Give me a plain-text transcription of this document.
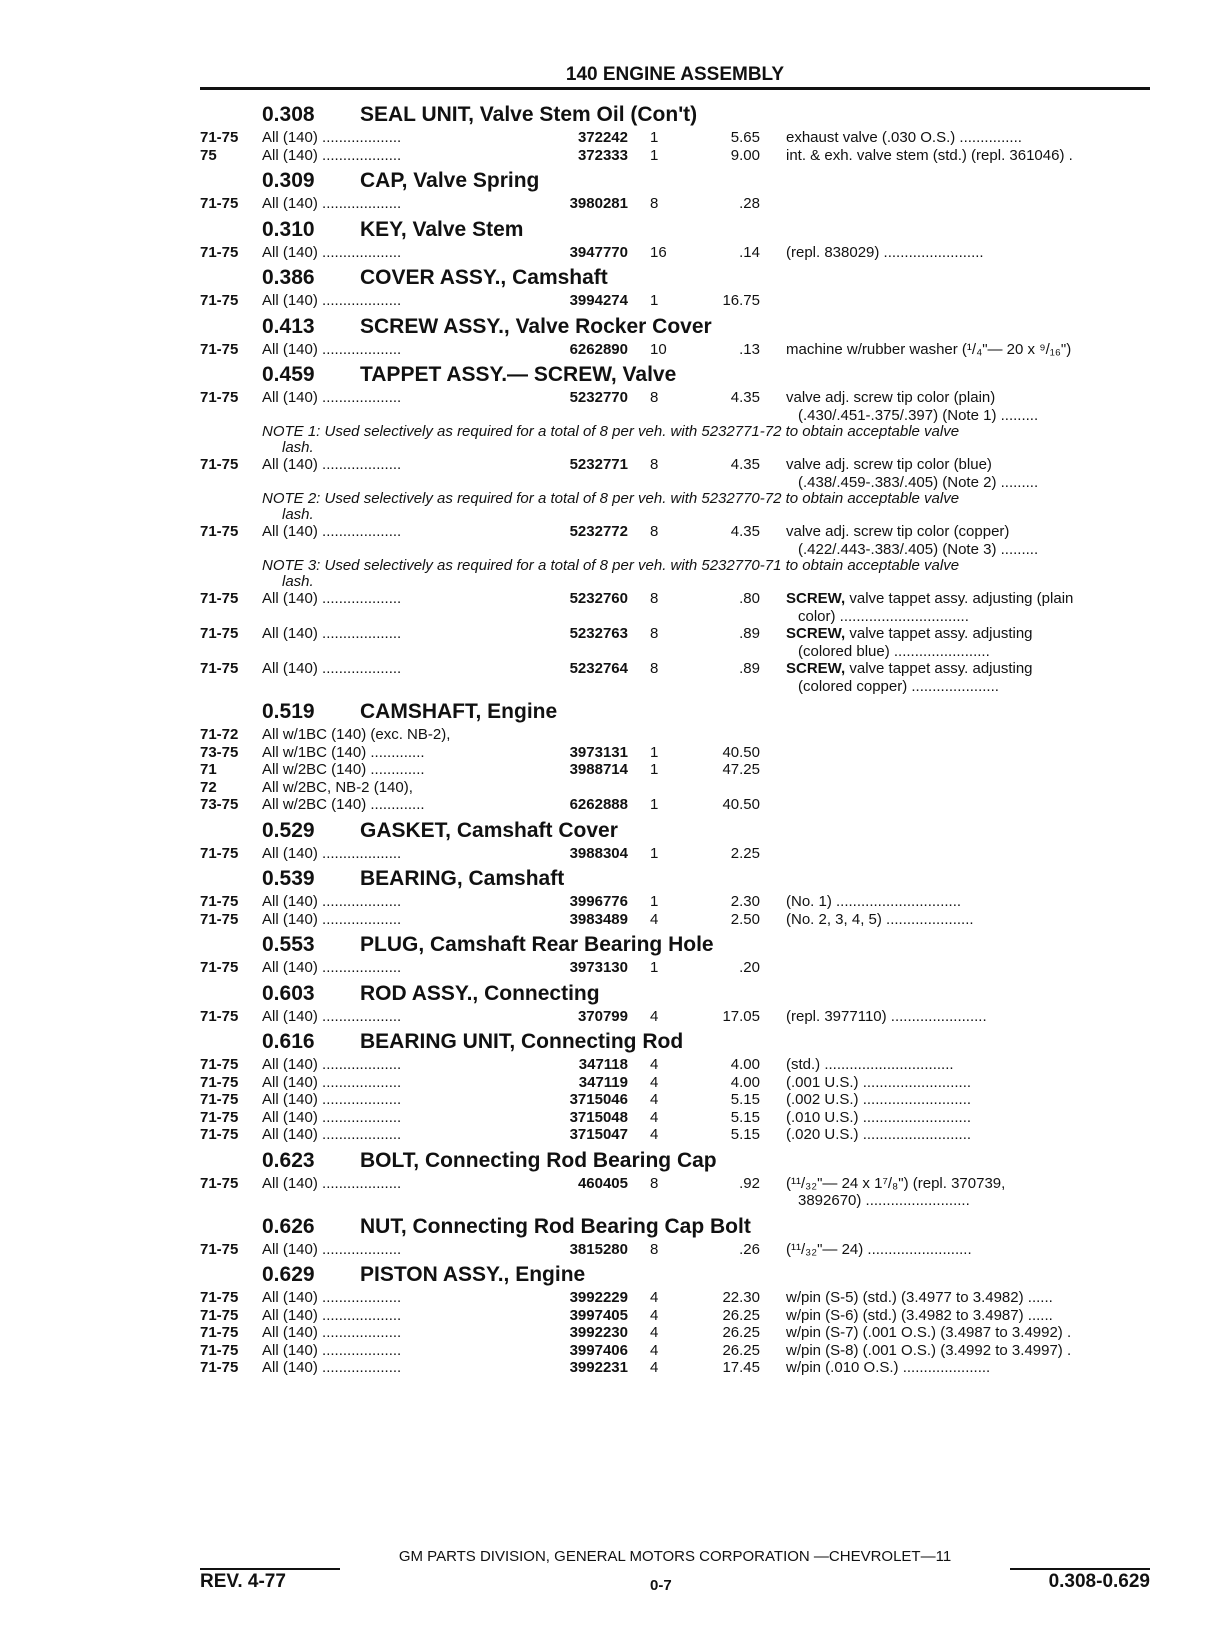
140 ENGINE ASSEMBLY
0.308 SEAL UNIT, Valve Stem Oil (Con't)
71-75	All (140) ...................	372242 1	5.65 exhaust valve (.030 O.S.) ...............
75	All (140) ...................	372333 1	9.00 int. & exh. valve stem (std.) (repl. 361046) .
0.309 CAP, Valve Spring
71-75	All (140) ...................	3980281 8	.28
0.310 KEY, Valve Stem
71-75	All (140) ...................	3947770 16	.14 (repl. 838029) ........................
0.386 COVER ASSY., Camshaft
71-75	All (140) ...................	3994274 1	16.75
0.413 SCREW ASSY., Valve Rocker Cover
71-75	All (140) ...................	6262890 10	.13 machine w/rubber washer (¹/₄"— 20 x ⁹/₁₆")
0.459 TAPPET ASSY.— SCREW, Valve
71-75	All (140) ...................	5232770 8	4.35 valve adj. screw tip color (plain)
(.430/.451-.375/.397) (Note 1) .........
NOTE 1: Used selectively as required for a total of 8 per veh. with 5232771-72 to obtain acceptable valve
lash.
71-75	All (140) ...................	5232771 8	4.35 valve adj. screw tip color (blue)
(.438/.459-.383/.405) (Note 2) .........
NOTE 2: Used selectively as required for a total of 8 per veh. with 5232770-72 to obtain acceptable valve
lash.
71-75	All (140) ...................	5232772 8	4.35 valve adj. screw tip color (copper)
(.422/.443-.383/.405) (Note 3) .........
NOTE 3: Used selectively as required for a total of 8 per veh. with 5232770-71 to obtain acceptable valve
lash.
71-75	All (140) ...................	5232760 8	.80 SCREW, valve tappet assy. adjusting (plain
color) ...............................
71-75	All (140) ...................	5232763 8	.89 SCREW, valve tappet assy. adjusting
(colored blue) .......................
71-75	All (140) ...................	5232764 8	.89 SCREW, valve tappet assy. adjusting
(colored copper) .....................
0.519 CAMSHAFT, Engine
71-72	All w/1BC (140) (exc. NB-2),
73-75	All w/1BC (140) .............	3973131 1	40.50
71	All w/2BC (140) .............	3988714 1	47.25
72	All w/2BC, NB-2 (140),
73-75	All w/2BC (140) .............	6262888 1	40.50
0.529 GASKET, Camshaft Cover
71-75	All (140) ...................	3988304 1	2.25
0.539 BEARING, Camshaft
71-75	All (140) ...................	3996776 1	2.30 (No. 1) ..............................
71-75	All (140) ...................	3983489 4	2.50 (No. 2, 3, 4, 5) .....................
0.553 PLUG, Camshaft Rear Bearing Hole
71-75	All (140) ...................	3973130 1	.20
0.603 ROD ASSY., Connecting
71-75	All (140) ...................	370799 4	17.05 (repl. 3977110) .......................
0.616 BEARING UNIT, Connecting Rod
71-75	All (140) ...................	347118 4	4.00 (std.) ...............................
71-75	All (140) ...................	347119 4	4.00 (.001 U.S.) ..........................
71-75	All (140) ...................	3715046 4	5.15 (.002 U.S.) ..........................
71-75	All (140) ...................	3715048 4	5.15 (.010 U.S.) ..........................
71-75	All (140) ...................	3715047 4	5.15 (.020 U.S.) ..........................
0.623 BOLT, Connecting Rod Bearing Cap
71-75	All (140) ...................	460405 8	.92 (¹¹/₃₂"— 24 x 1⁷/₈") (repl. 370739,
3892670) .........................
0.626 NUT, Connecting Rod Bearing Cap Bolt
71-75	All (140) ...................	3815280 8	.26 (¹¹/₃₂"— 24) .........................
0.629 PISTON ASSY., Engine
71-75	All (140) ...................	3992229 4	22.30 w/pin (S-5) (std.) (3.4977 to 3.4982) ......
71-75	All (140) ...................	3997405 4	26.25 w/pin (S-6) (std.) (3.4982 to 3.4987) ......
71-75	All (140) ...................	3992230 4	26.25 w/pin (S-7) (.001 O.S.) (3.4987 to 3.4992) .
71-75	All (140) ...................	3997406 4	26.25 w/pin (S-8) (.001 O.S.) (3.4992 to 3.4997) .
71-75	All (140) ...................	3992231 4	17.45 w/pin (.010 O.S.) .....................
GM PARTS DIVISION, GENERAL MOTORS CORPORATION —CHEVROLET—11
REV. 4-77	0-7	0.308-0.629
